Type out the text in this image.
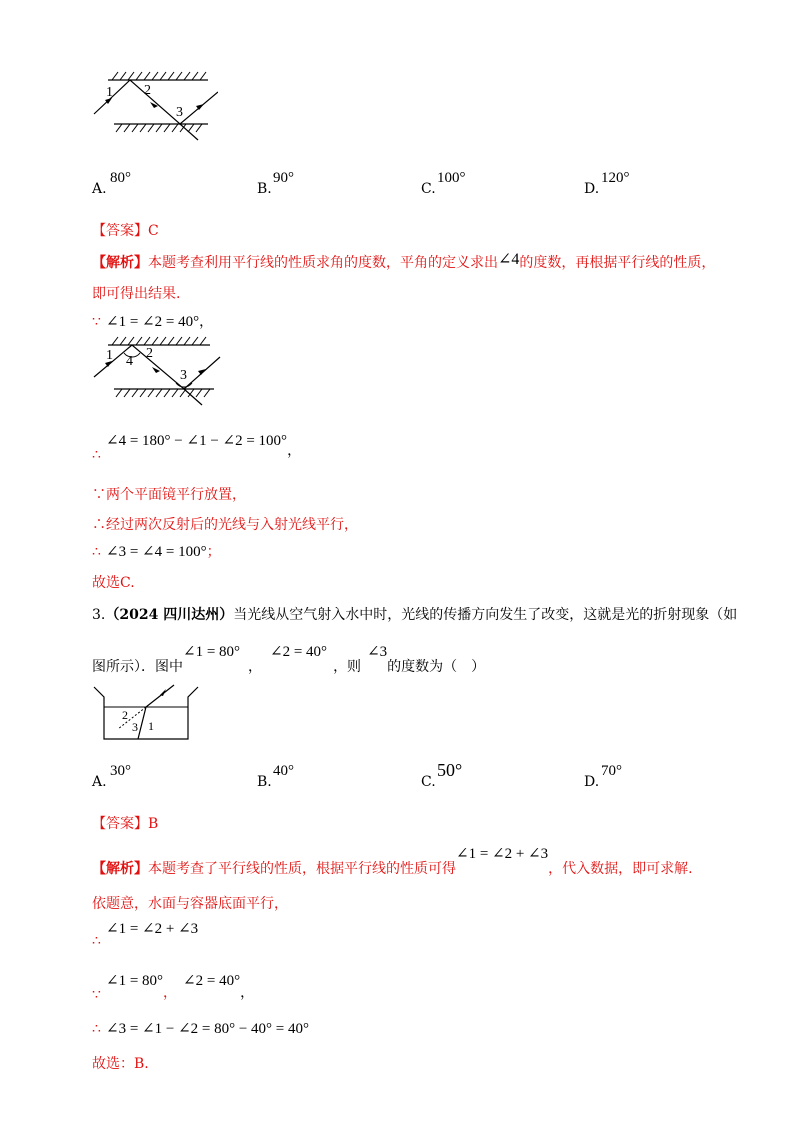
1 2
3
A.
80°
B.
90°
C.
100°
D.
120°
【答案】C
【解析】本题考查利用平行线的性质求角的度数，平角的定义求出∠4的度数，再根据平行线的性质，
即可得出结果.
∵ ∠1 = ∠2 = 40°，
1 2
3
4
∴ ∠4 = 180° − ∠1 − ∠2 = 100°，
∵两个平面镜平行放置，
∴经过两次反射后的光线与入射光线平行，
∴ ∠3 = ∠4 = 100°；
故选C.
3.（2024 四川达州）当光线从空气射入水中时，光线的传播方向发生了改变，这就是光的折射现象（如
图所示）．图中∠1 = 80°，∠2 = 40°，则∠3的度数为（　）
2
3 1
A.
30°
B.
40°
C.
50°
D.
70°
【答案】B
【解析】本题考查了平行线的性质，根据平行线的性质可得∠1 = ∠2 + ∠3，代入数据，即可求解.
依题意，水面与容器底面平行，
∴ ∠1 = ∠2 + ∠3
∵ ∠1 = 80°，∠2 = 40°，
∴ ∠3 = ∠1 − ∠2 = 80° − 40° = 40°
故选：B.
